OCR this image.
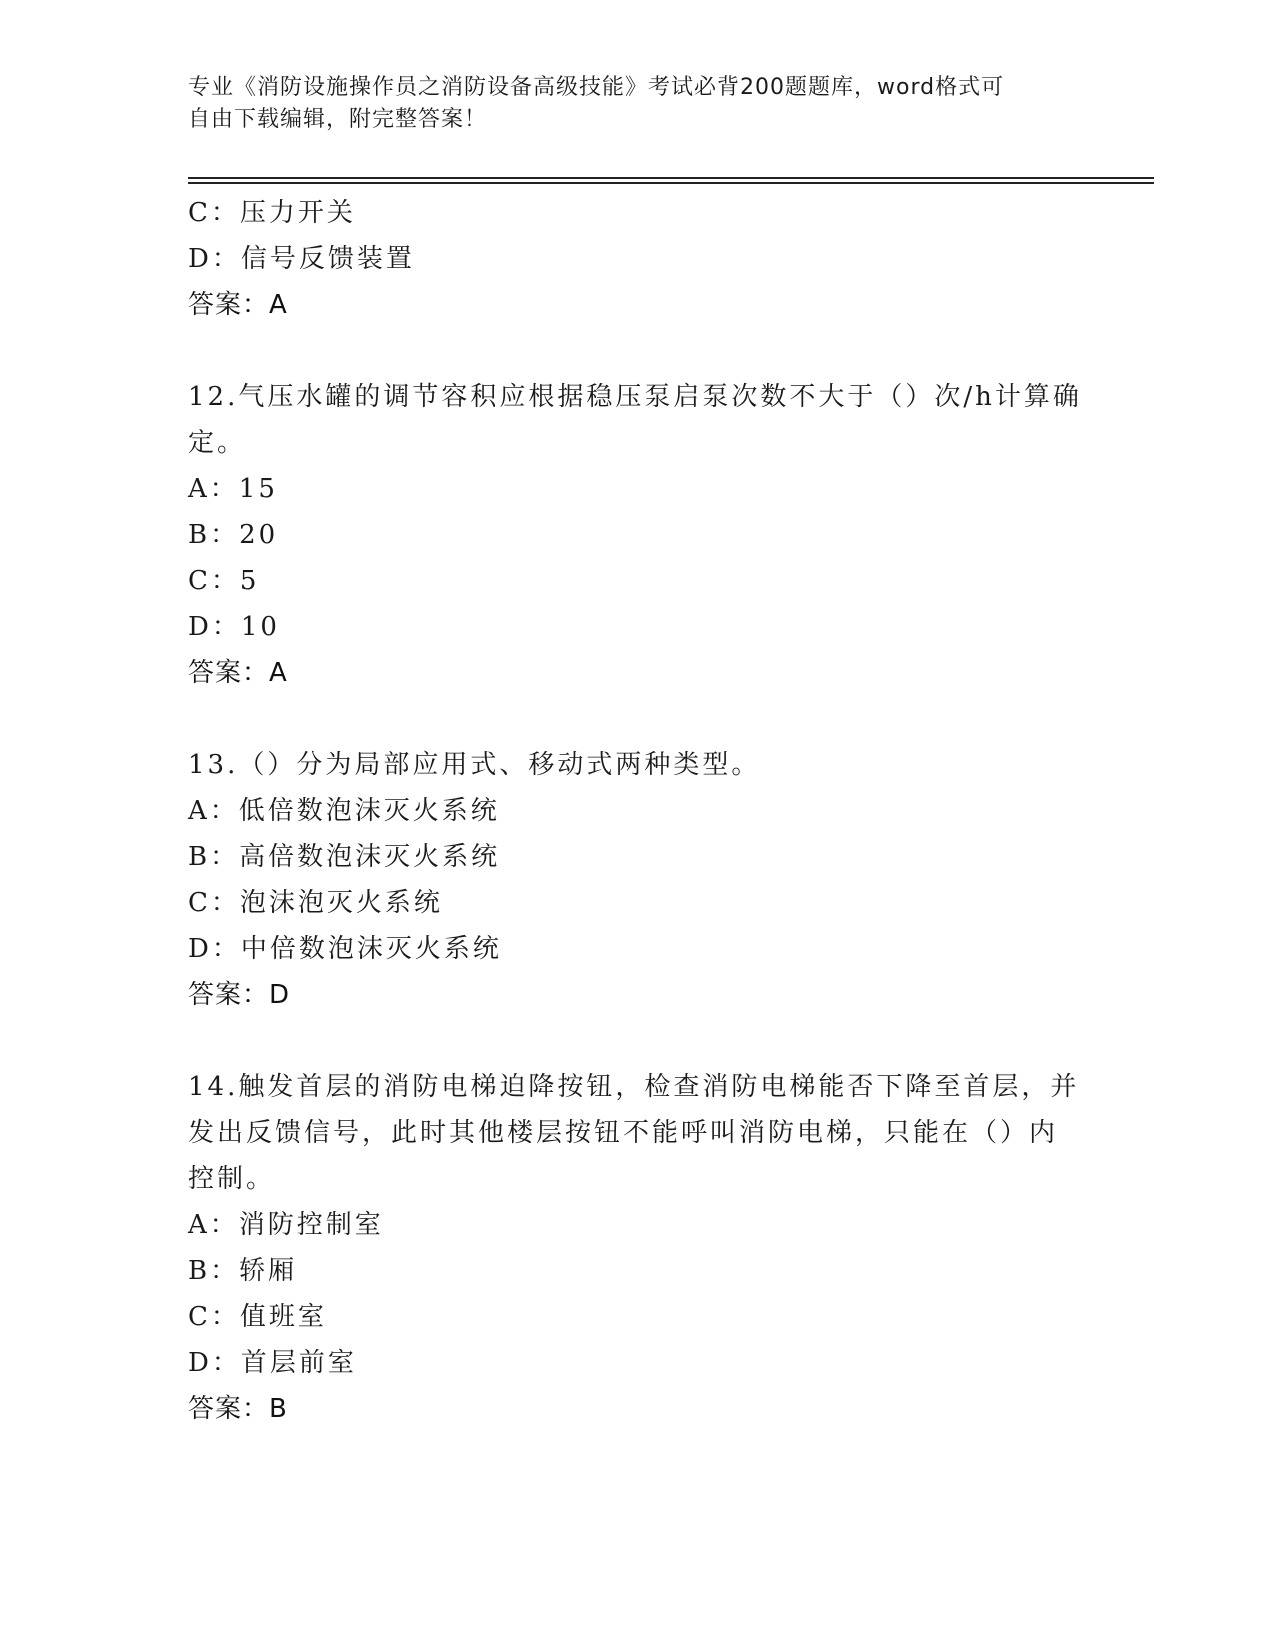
专业《消防设施操作员之消防设备高级技能》考试必背200题题库，word格式可
自由下载编辑，附完整答案！
C：压力开关
D：信号反馈装置
答案：A
12.气压水罐的调节容积应根据稳压泵启泵次数不大于（）次/h计算确
定。
A：15
B：20
C：5
D：10
答案：A
13.（）分为局部应用式、移动式两种类型。
A：低倍数泡沫灭火系统
B：高倍数泡沫灭火系统
C：泡沫泡灭火系统
D：中倍数泡沫灭火系统
答案：D
14.触发首层的消防电梯迫降按钮，检查消防电梯能否下降至首层，并
发出反馈信号，此时其他楼层按钮不能呼叫消防电梯，只能在（）内
控制。
A：消防控制室
B：轿厢
C：值班室
D：首层前室
答案：B
